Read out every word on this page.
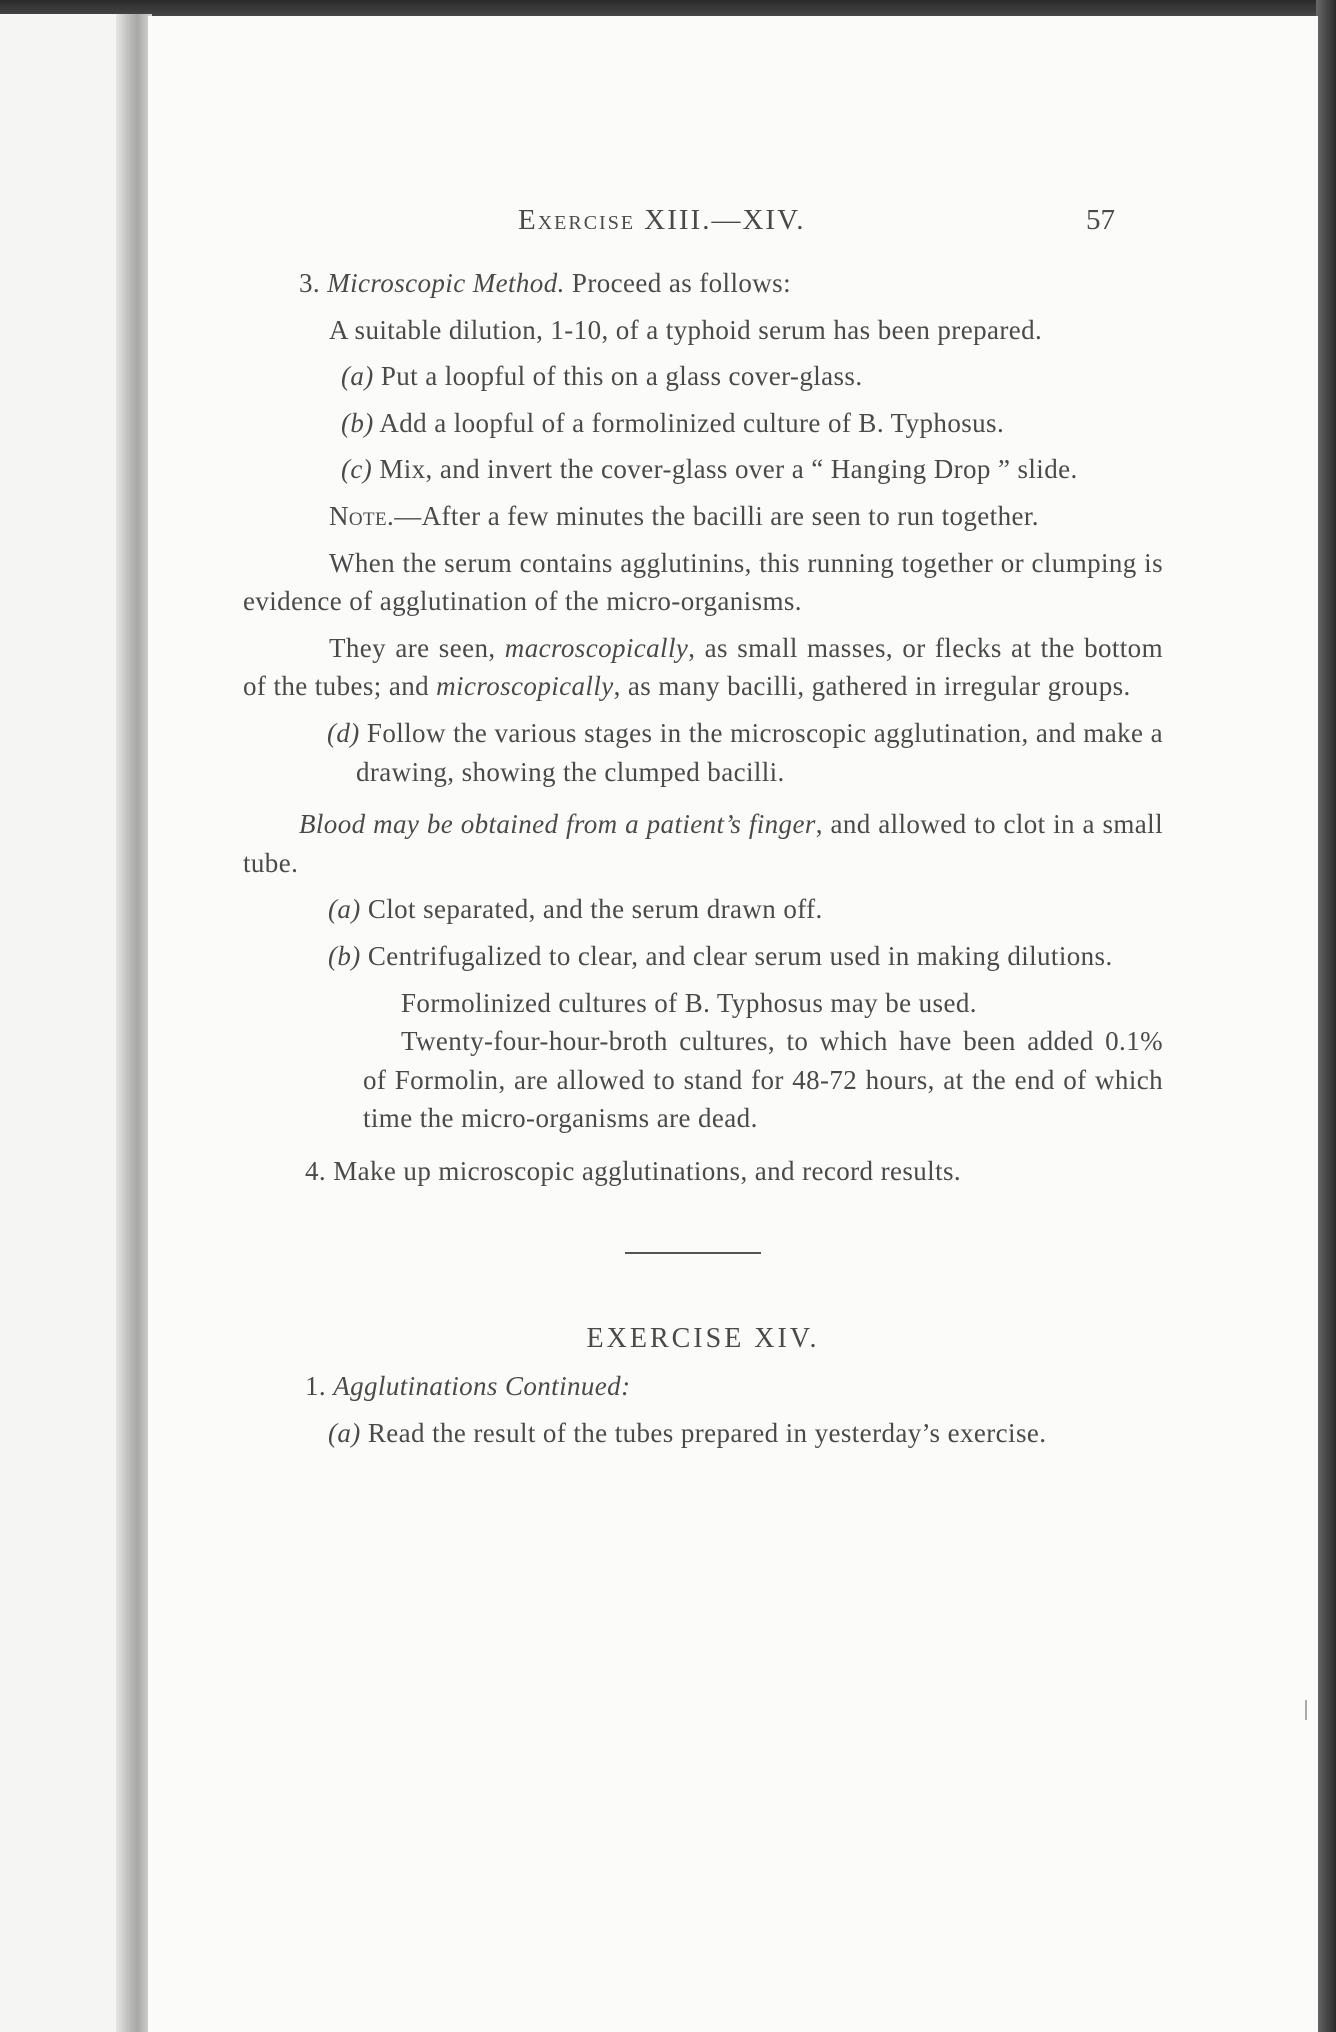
Exercise XIII.—XIV.	57

3. Microscopic Method. Proceed as follows:

A suitable dilution, 1-10, of a typhoid serum has been prepared.

(a) Put a loopful of this on a glass cover-glass.

(b) Add a loopful of a formolinized culture of B. Typhosus.

(c) Mix, and invert the cover-glass over a “ Hanging Drop ” slide.

Note.—After a few minutes the bacilli are seen to run together.

When the serum contains agglutinins, this running together or clumping is evidence of agglutination of the micro-organisms.

They are seen, macroscopically, as small masses, or flecks at the bottom of the tubes; and microscopically, as many bacilli, gathered in irregular groups.

(d) Follow the various stages in the microscopic agglutination, and make a drawing, showing the clumped bacilli.

Blood may be obtained from a patient’s finger, and allowed to clot in a small tube.

(a) Clot separated, and the serum drawn off.

(b) Centrifugalized to clear, and clear serum used in making dilutions.

Formolinized cultures of B. Typhosus may be used.

Twenty-four-hour-broth cultures, to which have been added 0.1% of Formolin, are allowed to stand for 48-72 hours, at the end of which time the micro-organisms are dead.

4. Make up microscopic agglutinations, and record results.

EXERCISE XIV.

1. Agglutinations Continued:

(a) Read the result of the tubes prepared in yesterday’s exercise.
